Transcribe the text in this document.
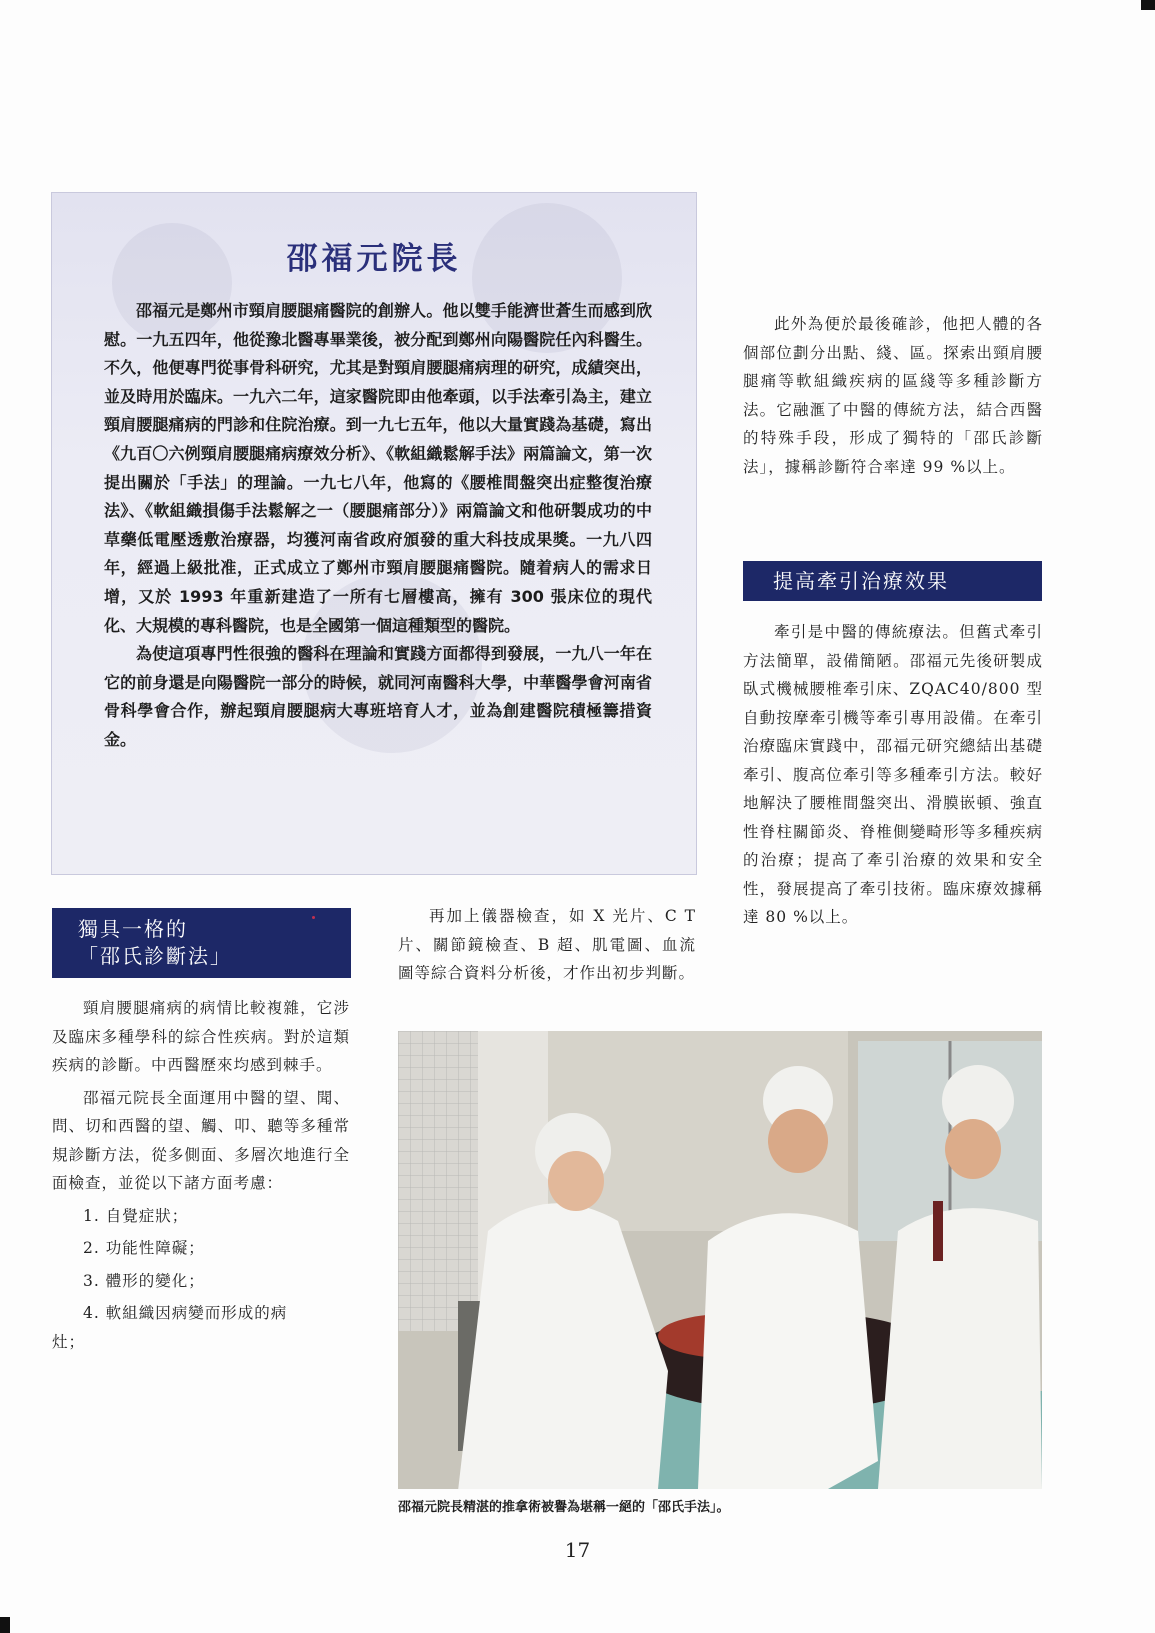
邵福元院長

邵福元是鄭州市頸肩腰腿痛醫院的創辦人。他以雙手能濟世蒼生而感到欣慰。一九五四年，他從豫北醫專畢業後，被分配到鄭州向陽醫院任內科醫生。不久，他便專門從事骨科研究，尤其是對頸肩腰腿痛病理的研究，成績突出，並及時用於臨床。一九六二年，這家醫院即由他牽頭，以手法牽引為主，建立頸肩腰腿痛病的門診和住院治療。到一九七五年，他以大量實踐為基礎，寫出《九百〇六例頸肩腰腿痛病療效分析》、《軟組織鬆解手法》兩篇論文，第一次提出關於「手法」的理論。一九七八年，他寫的《腰椎間盤突出症整復治療法》、《軟組織損傷手法鬆解之一（腰腿痛部分）》兩篇論文和他研製成功的中草藥低電壓透敷治療器，均獲河南省政府頒發的重大科技成果獎。一九八四年，經過上級批准，正式成立了鄭州市頸肩腰腿痛醫院。隨着病人的需求日增，又於 1993 年重新建造了一所有七層樓高，擁有 300 張床位的現代化、大規模的專科醫院，也是全國第一個這種類型的醫院。

為使這項專門性很強的醫科在理論和實踐方面都得到發展，一九八一年在它的前身還是向陽醫院一部分的時候，就同河南醫科大學，中華醫學會河南省骨科學會合作，辦起頸肩腰腿病大專班培育人才，並為創建醫院積極籌措資金。

此外為便於最後確診，他把人體的各個部位劃分出點、綫、區。探索出頸肩腰腿痛等軟組織疾病的區綫等多種診斷方法。它融滙了中醫的傳統方法，結合西醫的特殊手段，形成了獨特的「邵氏診斷法」，據稱診斷符合率達 99 %以上。

提高牽引治療效果

牽引是中醫的傳統療法。但舊式牽引方法簡單，設備簡陋。邵福元先後研製成臥式機械腰椎牽引床、ZQAC40/800 型自動按摩牽引機等牽引專用設備。在牽引治療臨床實踐中，邵福元研究總結出基礎牽引、腹高位牽引等多種牽引方法。較好地解決了腰椎間盤突出、滑膜嵌頓、強直性脊柱關節炎、脊椎側變畸形等多種疾病的治療；提高了牽引治療的效果和安全性，發展提高了牽引技術。臨床療效據稱達 80 %以上。

獨具一格的
「邵氏診斷法」

頸肩腰腿痛病的病情比較複雜，它涉及臨床多種學科的綜合性疾病。對於這類疾病的診斷。中西醫歷來均感到棘手。

邵福元院長全面運用中醫的望、聞、問、切和西醫的望、觸、叩、聽等多種常規診斷方法，從多側面、多層次地進行全面檢查，並從以下諸方面考慮：

1. 自覺症狀；

2. 功能性障礙；

3. 體形的變化；

4. 軟組織因病變而形成的病

灶；

再加上儀器檢查，如 X 光片、C T 片、關節鏡檢查、B 超、肌電圖、血流圖等綜合資料分析後，才作出初步判斷。

邵福元院長精湛的推拿術被譽為堪稱一絕的「邵氏手法」。
17
